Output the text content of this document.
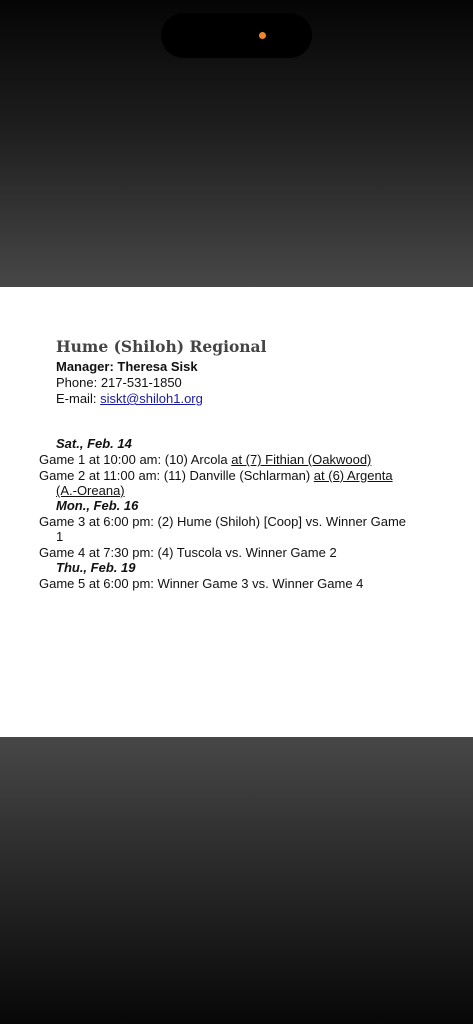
Hume (Shiloh) Regional
Manager: Theresa Sisk
Phone: 217-531-1850
E-mail: siskt@shiloh1.org
Sat., Feb. 14
Game 1 at 10:00 am: (10) Arcola at (7) Fithian (Oakwood)
Game 2 at 11:00 am: (11) Danville (Schlarman) at (6) Argenta
(A.-Oreana)
Mon., Feb. 16
Game 3 at 6:00 pm: (2) Hume (Shiloh) [Coop] vs. Winner Game
1
Game 4 at 7:30 pm: (4) Tuscola vs. Winner Game 2
Thu., Feb. 19
Game 5 at 6:00 pm: Winner Game 3 vs. Winner Game 4
